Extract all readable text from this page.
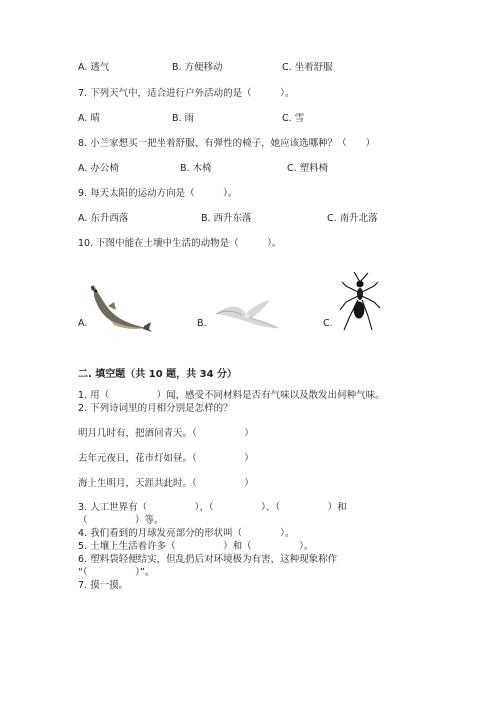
A. 透气	B. 方便移动	C. 坐着舒服
7. 下列天气中，适合进行户外活动的是（　　　）。
A. 晴	B. 雨	C. 雪
8. 小兰家想买一把坐着舒服、有弹性的椅子，她应该选哪种？（　　）
A. 办公椅	B. 木椅	C. 塑料椅
9. 每天太阳的运动方向是（　　　）。
A. 东升西落	B. 西升东落	C. 南升北落
10. 下图中能在土壤中生活的动物是（　　　）。
A.	B.	C.
二. 填空题（共 10 题，共 34 分）
1. 用（　　　　　）闻，感受不同材料是否有气味以及散发出何种气味。
2. 下列诗词里的月相分别是怎样的？
明月几时有，把酒问青天。（　　　　　）
去年元夜日，花市灯如昼。（　　　　　）
海上生明月，天涯共此时。（　　　　　）
3. 人工世界有（　　　　　）、（　　　　　）、（　　　　　）和
（　　　　　）等。
4. 我们看到的月球发亮部分的形状叫（　　　　）。
5. 土壤上生活着许多（　　　　　）和（　　　　　）。
6. 塑料袋轻便结实，但乱扔后对环境极为有害，这种现象称作
“（　　　　　）”。
7. 摸一摸。
